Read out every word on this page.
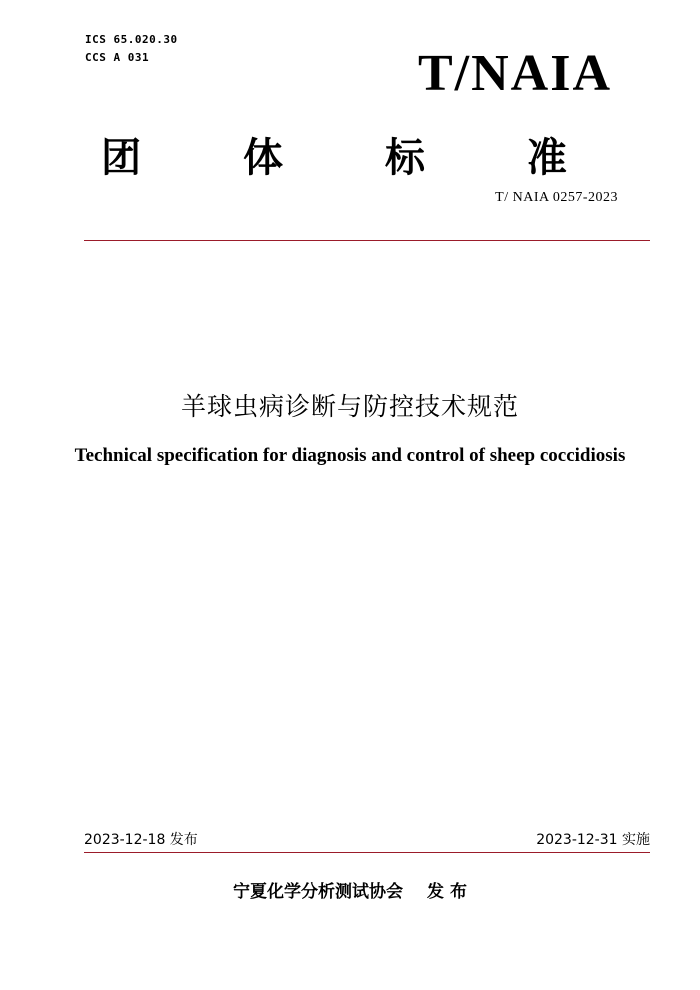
ICS 65.020.30
CCS A 031	T/NAIA
团 体 标 准
T/ NAIA 0257-2023
羊球虫病诊断与防控技术规范
Technical specification for diagnosis and control of sheep coccidiosis
2023-12-18 发布	2023-12-31 实施
宁夏化学分析测试协会 发 布
